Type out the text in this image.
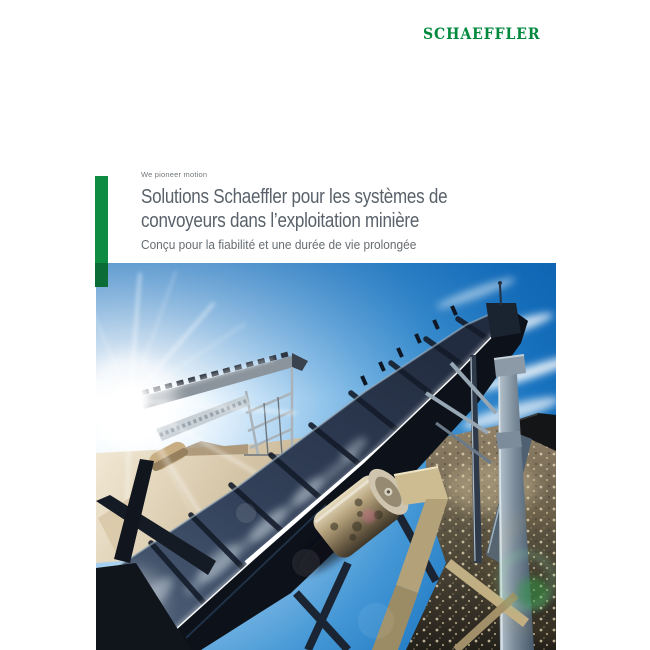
SCHAEFFLER

We pioneer motion

Solutions Schaeffler pour les systèmes de

convoyeurs dans l’exploitation minière

Conçu pour la fiabilité et une durée de vie prolongée
